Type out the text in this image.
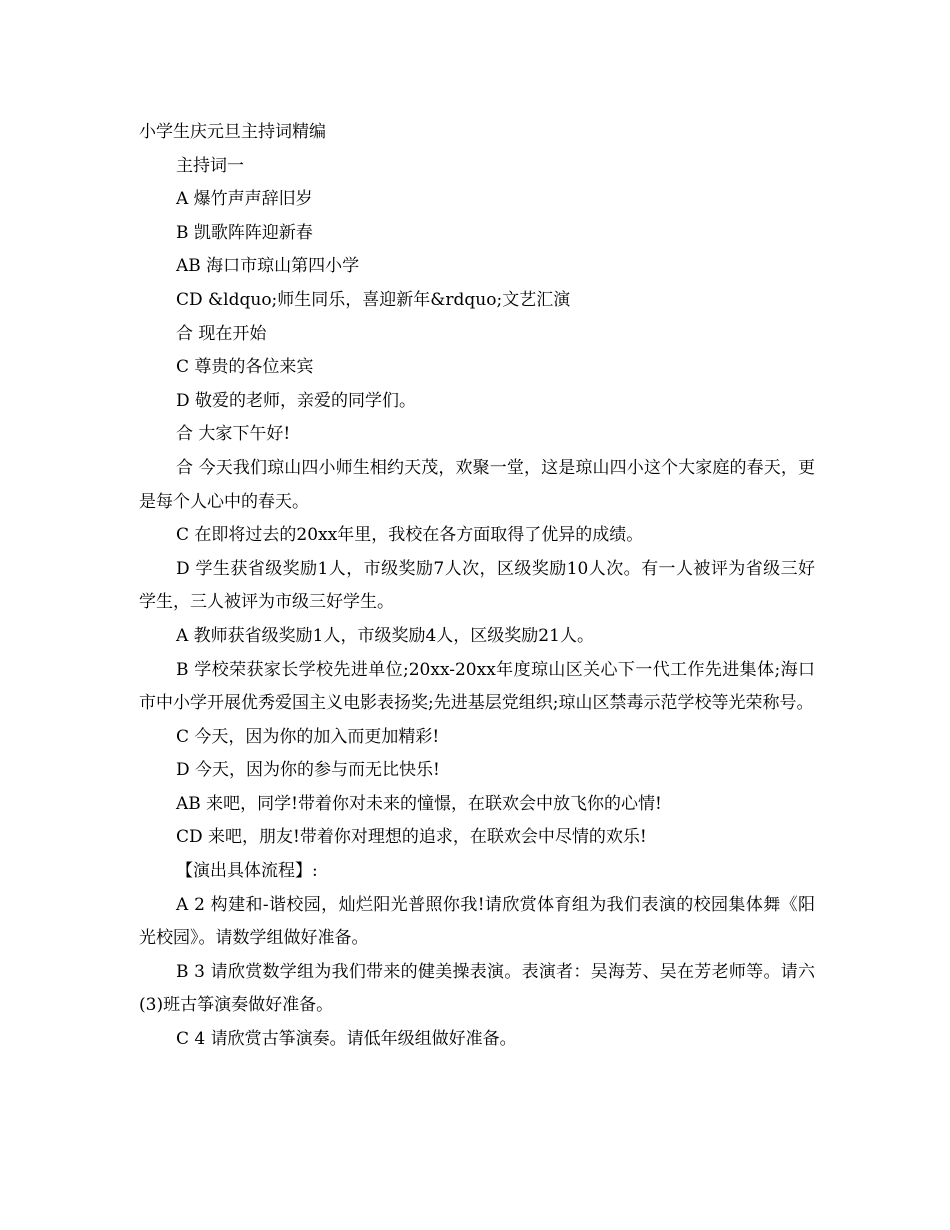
小学生庆元旦主持词精编
主持词一
A 爆竹声声辞旧岁
B 凯歌阵阵迎新春
AB 海口市琼山第四小学
CD &ldquo;师生同乐，喜迎新年&rdquo;文艺汇演
合 现在开始
C 尊贵的各位来宾
D 敬爱的老师，亲爱的同学们。
合 大家下午好!
合 今天我们琼山四小师生相约天茂，欢聚一堂，这是琼山四小这个大家庭的春天，更是每个人心中的春天。
C 在即将过去的20xx年里，我校在各方面取得了优异的成绩。
D 学生获省级奖励1人，市级奖励7人次，区级奖励10人次。有一人被评为省级三好学生，三人被评为市级三好学生。
A 教师获省级奖励1人，市级奖励4人，区级奖励21人。
B 学校荣获家长学校先进单位;20xx-20xx年度琼山区关心下一代工作先进集体;海口市中小学开展优秀爱国主义电影表扬奖;先进基层党组织;琼山区禁毒示范学校等光荣称号。
C 今天，因为你的加入而更加精彩!
D 今天，因为你的参与而无比快乐!
AB 来吧，同学!带着你对未来的憧憬，在联欢会中放飞你的心情!
CD 来吧，朋友!带着你对理想的追求，在联欢会中尽情的欢乐!
【演出具体流程】:
A 2 构建和-谐校园，灿烂阳光普照你我!请欣赏体育组为我们表演的校园集体舞《阳光校园》。请数学组做好准备。
B 3 请欣赏数学组为我们带来的健美操表演。表演者：吴海芳、吴在芳老师等。请六(3)班古筝演奏做好准备。
C 4 请欣赏古筝演奏。请低年级组做好准备。
